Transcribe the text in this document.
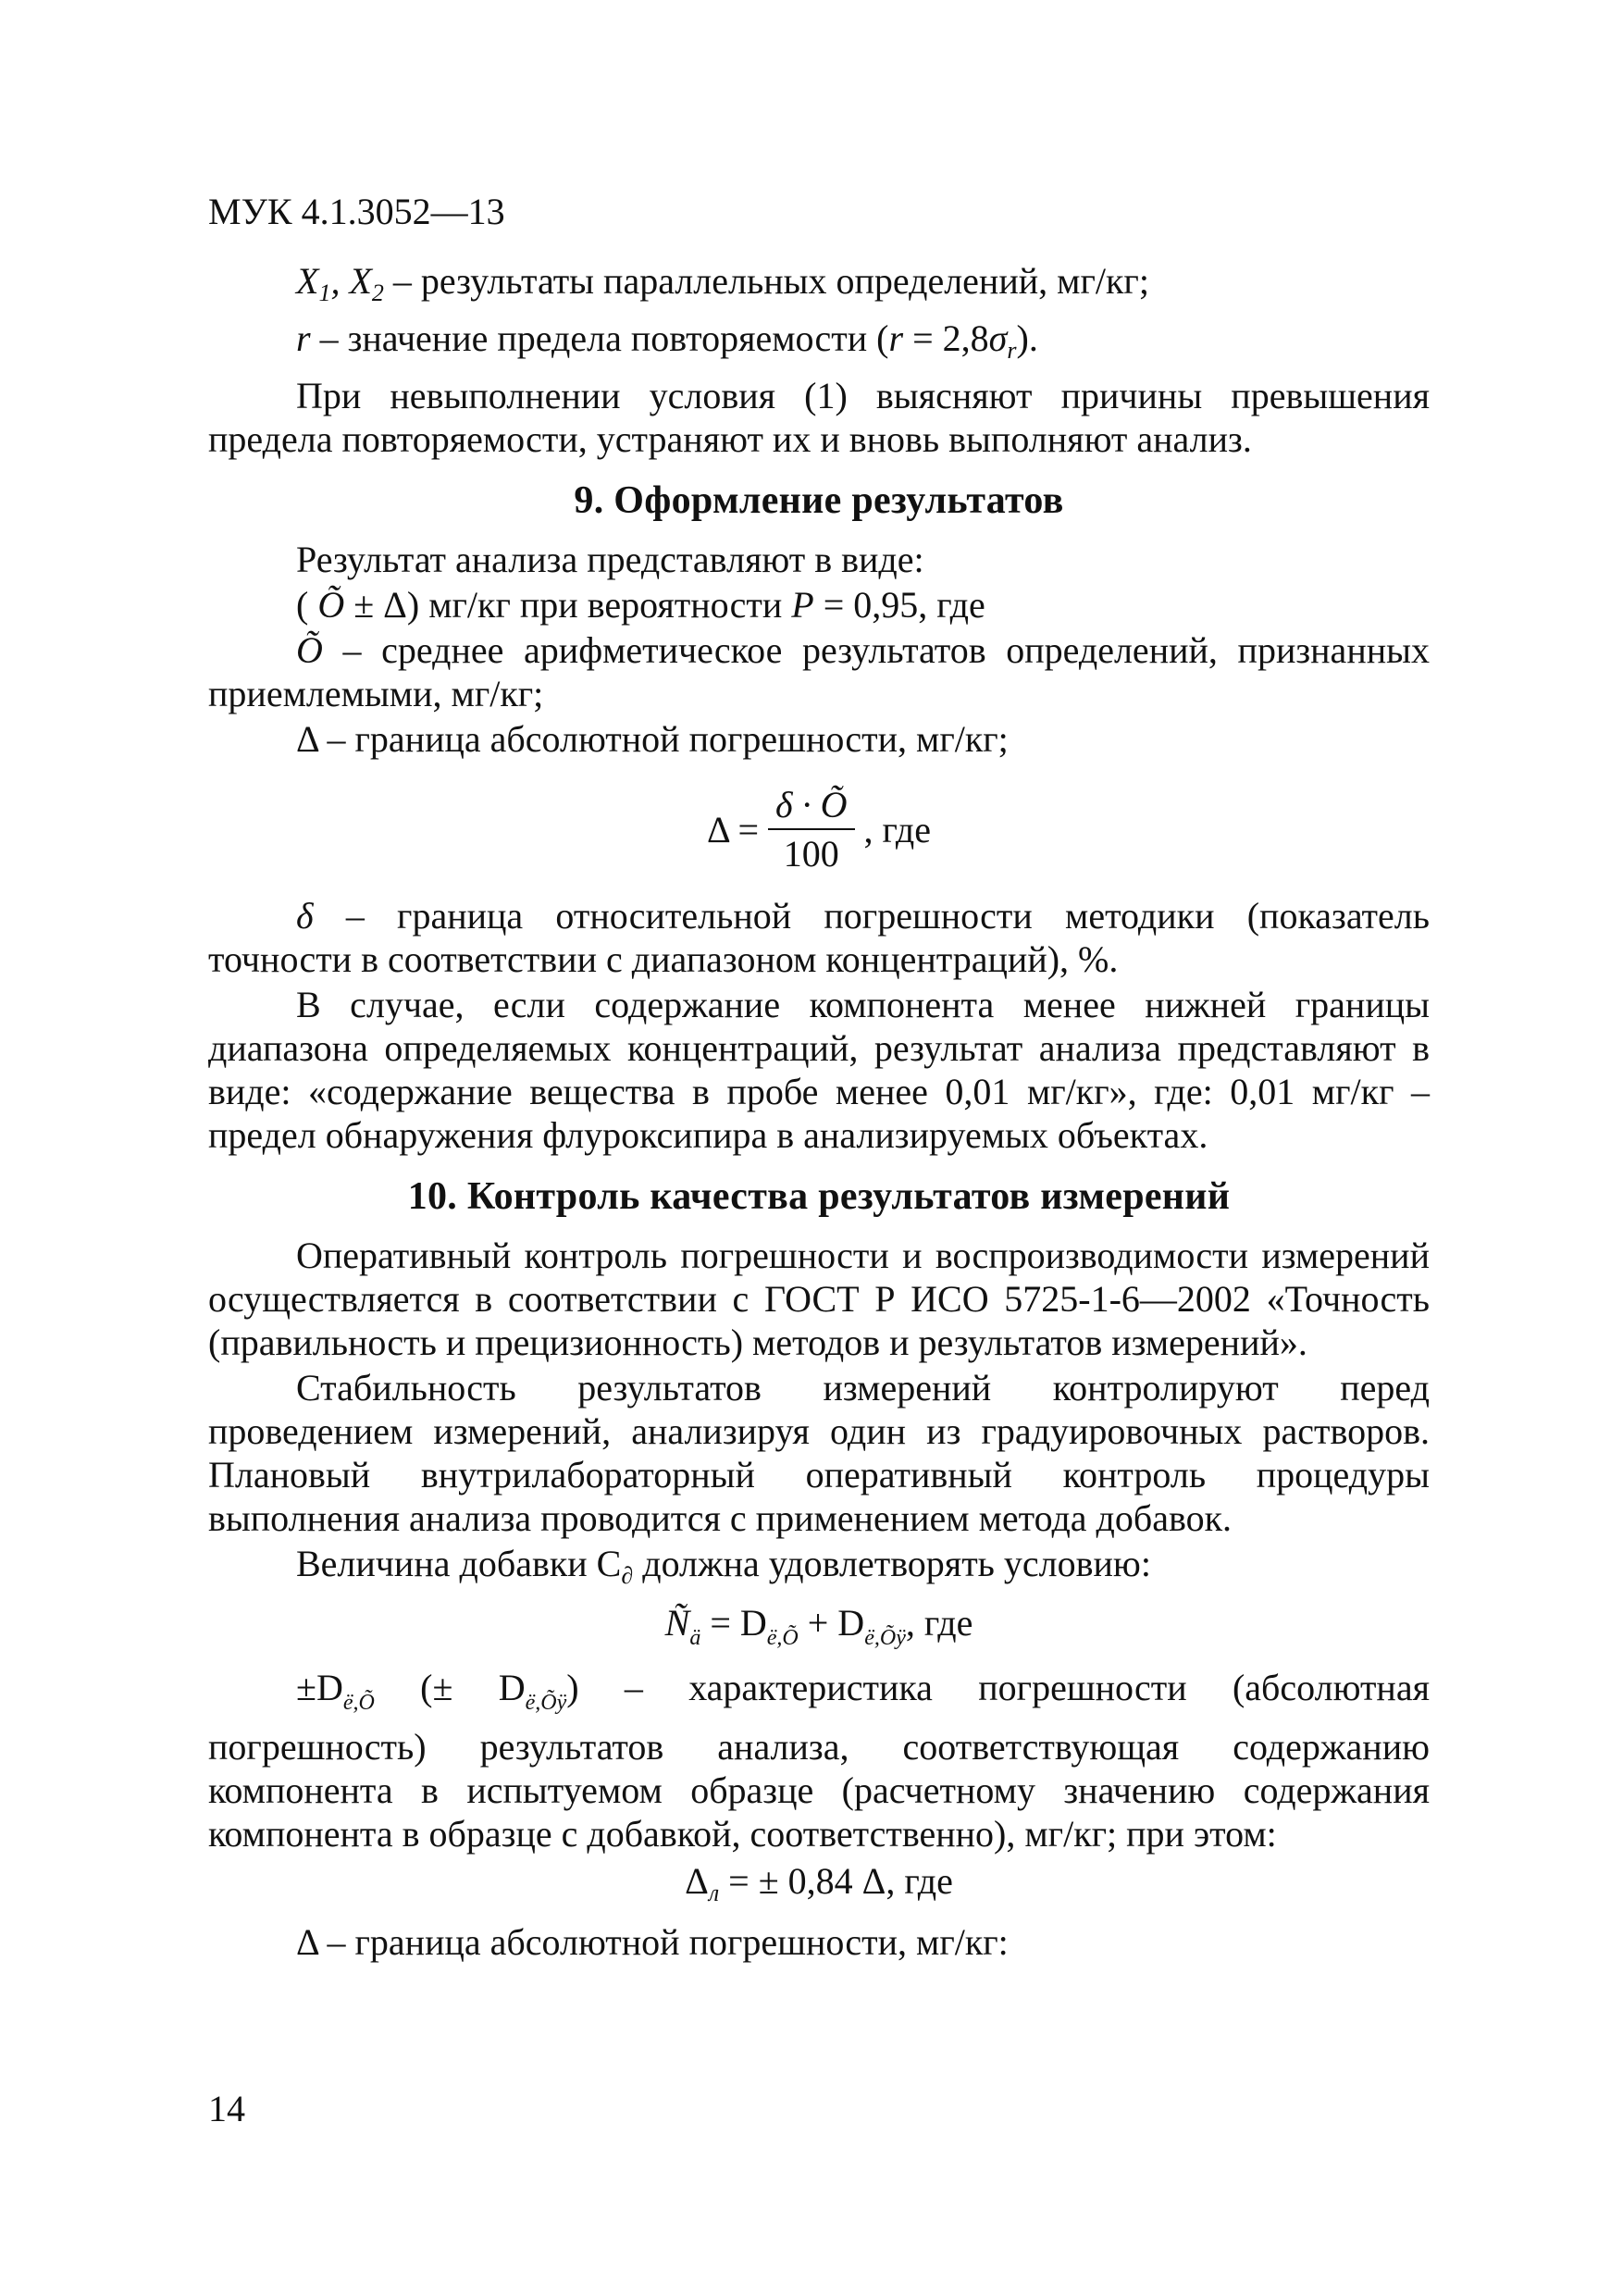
МУК 4.1.3052—13

$X_1$, $X_2$ – результаты параллельных определений, мг/кг;

r – значение предела повторяемости $(r = 2,8\sigma_r)$.

При невыполнении условия (1) выясняют причины превышения предела повторяемости, устраняют их и вновь выполняют анализ.

9. Оформление результатов

Результат анализа представляют в виде:

( Õ ± Δ) мг/кг при вероятности P = 0,95, где

Õ – среднее арифметическое результатов определений, признанных приемлемыми, мг/кг;

Δ – граница абсолютной погрешности, мг/кг;

$\Delta = \frac{\delta \cdot Õ}{100}$ , где

δ – граница относительной погрешности методики (показатель точности в соответствии с диапазоном концентраций), %.

В случае, если содержание компонента менее нижней границы диапазона определяемых концентраций, результат анализа представляют в виде: «содержание вещества в пробе менее 0,01 мг/кг», где: 0,01 мг/кг – предел обнаружения флуроксипира в анализируемых объектах.

10. Контроль качества результатов измерений

Оперативный контроль погрешности и воспроизводимости измерений осуществляется в соответствии с ГОСТ Р ИСО 5725-1-6—2002 «Точность (правильность и прецизионность) методов и результатов измерений».

Стабильность результатов измерений контролируют перед проведением измерений, анализируя один из градуировочных растворов. Плановый внутрилабораторный оперативный контроль процедуры выполнения анализа проводится с применением метода добавок.

Величина добавки $С_\partial$ должна удовлетворять условию:

$Ñ_ä = D_{ë,Õ} + D_{ë,Õÿ}$, где

$\pm D_{ë,Õ}$ (± $D_{ë,Õÿ}$) – характеристика погрешности (абсолютная погрешность) результатов анализа, соответствующая содержанию компонента в испытуемом образце (расчетному значению содержания компонента в образце с добавкой, соответственно), мг/кг; при этом:

$\Delta_л$ = ± 0,84 Δ, где

Δ – граница абсолютной погрешности, мг/кг:

14
